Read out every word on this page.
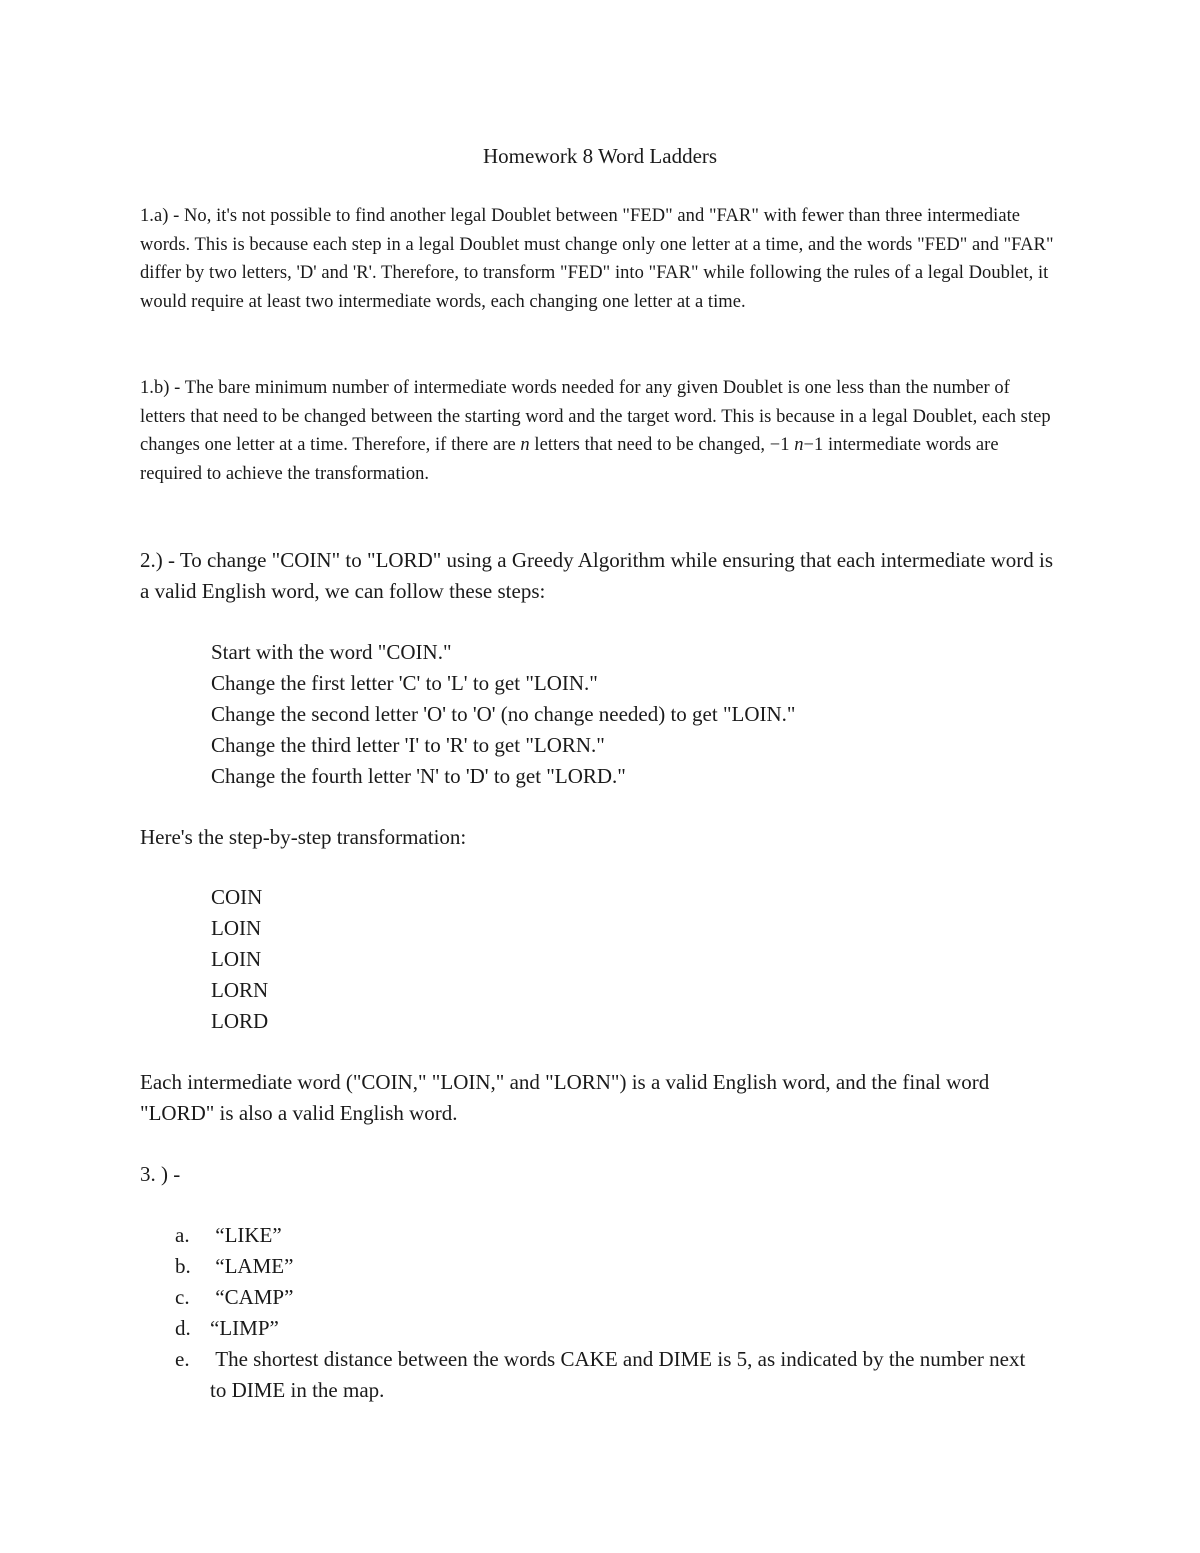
Homework 8 Word Ladders

1.a) - No, it's not possible to find another legal Doublet between "FED" and "FAR" with fewer than three intermediate words. This is because each step in a legal Doublet must change only one letter at a time, and the words "FED" and "FAR" differ by two letters, 'D' and 'R'. Therefore, to transform "FED" into "FAR" while following the rules of a legal Doublet, it would require at least two intermediate words, each changing one letter at a time.

1.b) - The bare minimum number of intermediate words needed for any given Doublet is one less than the number of letters that need to be changed between the starting word and the target word. This is because in a legal Doublet, each step changes one letter at a time. Therefore, if there are n letters that need to be changed, −1 n−1 intermediate words are required to achieve the transformation.

2.) - To change "COIN" to "LORD" using a Greedy Algorithm while ensuring that each intermediate word is a valid English word, we can follow these steps:
Start with the word "COIN."
Change the first letter 'C' to 'L' to get "LOIN."
Change the second letter 'O' to 'O' (no change needed) to get "LOIN."
Change the third letter 'I' to 'R' to get "LORN."
Change the fourth letter 'N' to 'D' to get "LORD."
Here's the step-by-step transformation:
COIN
LOIN
LOIN
LORN
LORD
Each intermediate word ("COIN," "LOIN," and "LORN") is a valid English word, and the final word "LORD" is also a valid English word.
3. ) -
a. “LIKE”
b. “LAME”
c. “CAMP”
d. “LIMP”
e. The shortest distance between the words CAKE and DIME is 5, as indicated by the number next to DIME in the map.
